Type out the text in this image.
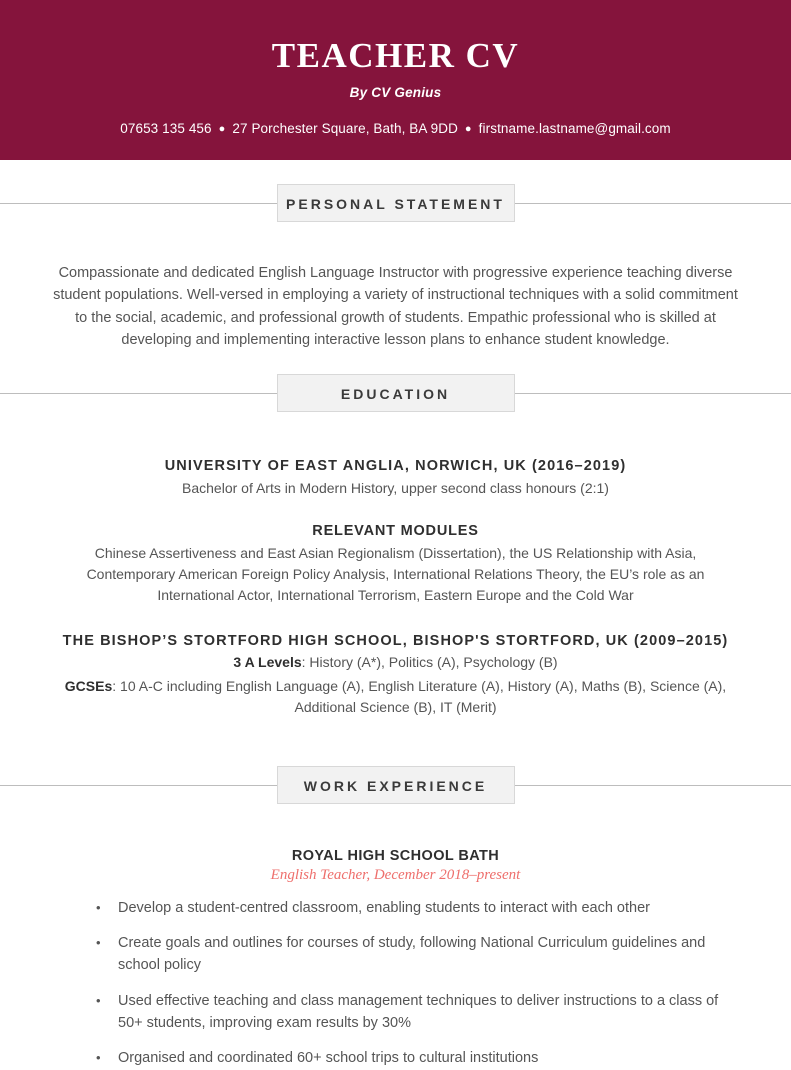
TEACHER CV
By CV Genius
07653 135 456 ● 27 Porchester Square, Bath, BA 9DD ● firstname.lastname@gmail.com
PERSONAL STATEMENT
Compassionate and dedicated English Language Instructor with progressive experience teaching diverse student populations. Well-versed in employing a variety of instructional techniques with a solid commitment to the social, academic, and professional growth of students. Empathic professional who is skilled at developing and implementing interactive lesson plans to enhance student knowledge.
EDUCATION

UNIVERSITY OF EAST ANGLIA, NORWICH, UK (2016–2019)

Bachelor of Arts in Modern History, upper second class honours (2:1)

RELEVANT MODULES

Chinese Assertiveness and East Asian Regionalism (Dissertation), the US Relationship with Asia, Contemporary American Foreign Policy Analysis, International Relations Theory, the EU’s role as an International Actor, International Terrorism, Eastern Europe and the Cold War

THE BISHOP’S STORTFORD HIGH SCHOOL, BISHOP'S STORTFORD, UK (2009–2015)

3 A Levels: History (A*), Politics (A), Psychology (B)

GCSEs: 10 A-C including English Language (A), English Literature (A), History (A), Maths (B), Science (A), Additional Science (B), IT (Merit)

WORK EXPERIENCE

ROYAL HIGH SCHOOL BATH

English Teacher, December 2018–present

• Develop a student-centred classroom, enabling students to interact with each other
• Create goals and outlines for courses of study, following National Curriculum guidelines and school policy
• Used effective teaching and class management techniques to deliver instructions to a class of 50+ students, improving exam results by 30%
• Organised and coordinated 60+ school trips to cultural institutions
